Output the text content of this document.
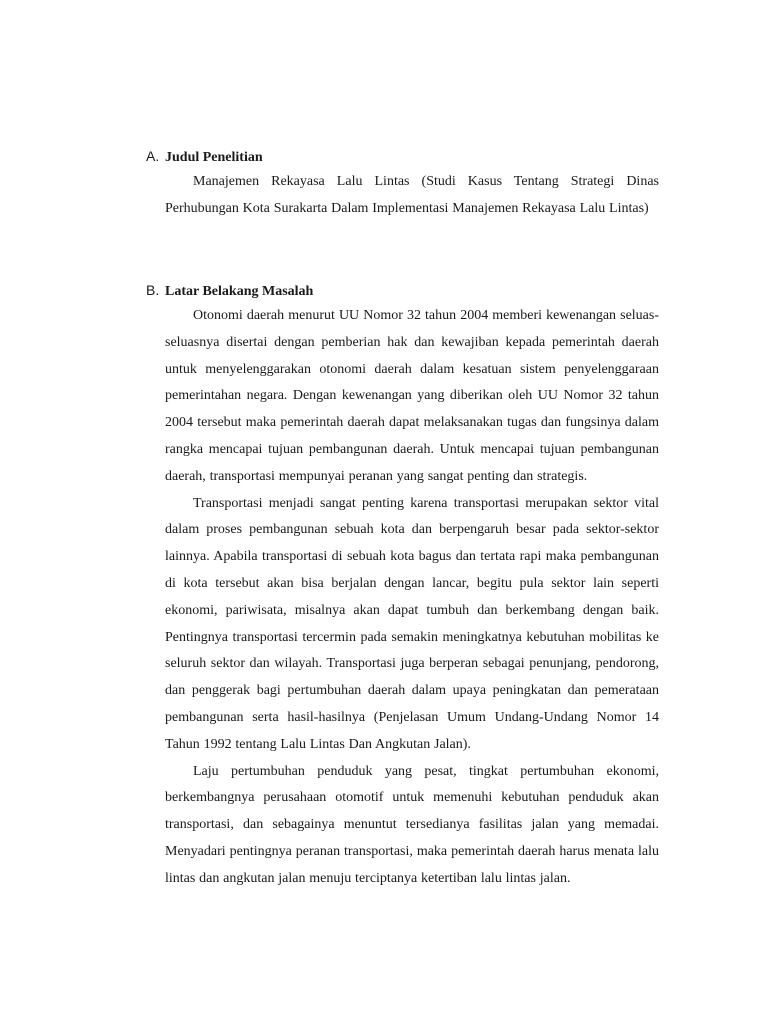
A. Judul Penelitian

Manajemen Rekayasa Lalu Lintas (Studi Kasus Tentang Strategi Dinas Perhubungan Kota Surakarta Dalam Implementasi Manajemen Rekayasa Lalu Lintas)

B. Latar Belakang Masalah

Otonomi daerah menurut UU Nomor 32 tahun 2004 memberi kewenangan seluas-seluasnya disertai dengan pemberian hak dan kewajiban kepada pemerintah daerah untuk menyelenggarakan otonomi daerah dalam kesatuan sistem penyelenggaraan pemerintahan negara. Dengan kewenangan yang diberikan oleh UU Nomor 32 tahun 2004 tersebut maka pemerintah daerah dapat melaksanakan tugas dan fungsinya dalam rangka mencapai tujuan pembangunan daerah. Untuk mencapai tujuan pembangunan daerah, transportasi mempunyai peranan yang sangat penting dan strategis.

Transportasi menjadi sangat penting karena transportasi merupakan sektor vital dalam proses pembangunan sebuah kota dan berpengaruh besar pada sektor-sektor lainnya. Apabila transportasi di sebuah kota bagus dan tertata rapi maka pembangunan di kota tersebut akan bisa berjalan dengan lancar, begitu pula sektor lain seperti ekonomi, pariwisata, misalnya akan dapat tumbuh dan berkembang dengan baik. Pentingnya transportasi tercermin pada semakin meningkatnya kebutuhan mobilitas ke seluruh sektor dan wilayah. Transportasi juga berperan sebagai penunjang, pendorong, dan penggerak bagi pertumbuhan daerah dalam upaya peningkatan dan pemerataan pembangunan serta hasil-hasilnya (Penjelasan Umum Undang-Undang Nomor 14 Tahun 1992 tentang Lalu Lintas Dan Angkutan Jalan).

Laju pertumbuhan penduduk yang pesat, tingkat pertumbuhan ekonomi, berkembangnya perusahaan otomotif untuk memenuhi kebutuhan penduduk akan transportasi, dan sebagainya menuntut tersedianya fasilitas jalan yang memadai. Menyadari pentingnya peranan transportasi, maka pemerintah daerah harus menata lalu lintas dan angkutan jalan menuju terciptanya ketertiban lalu lintas jalan.
